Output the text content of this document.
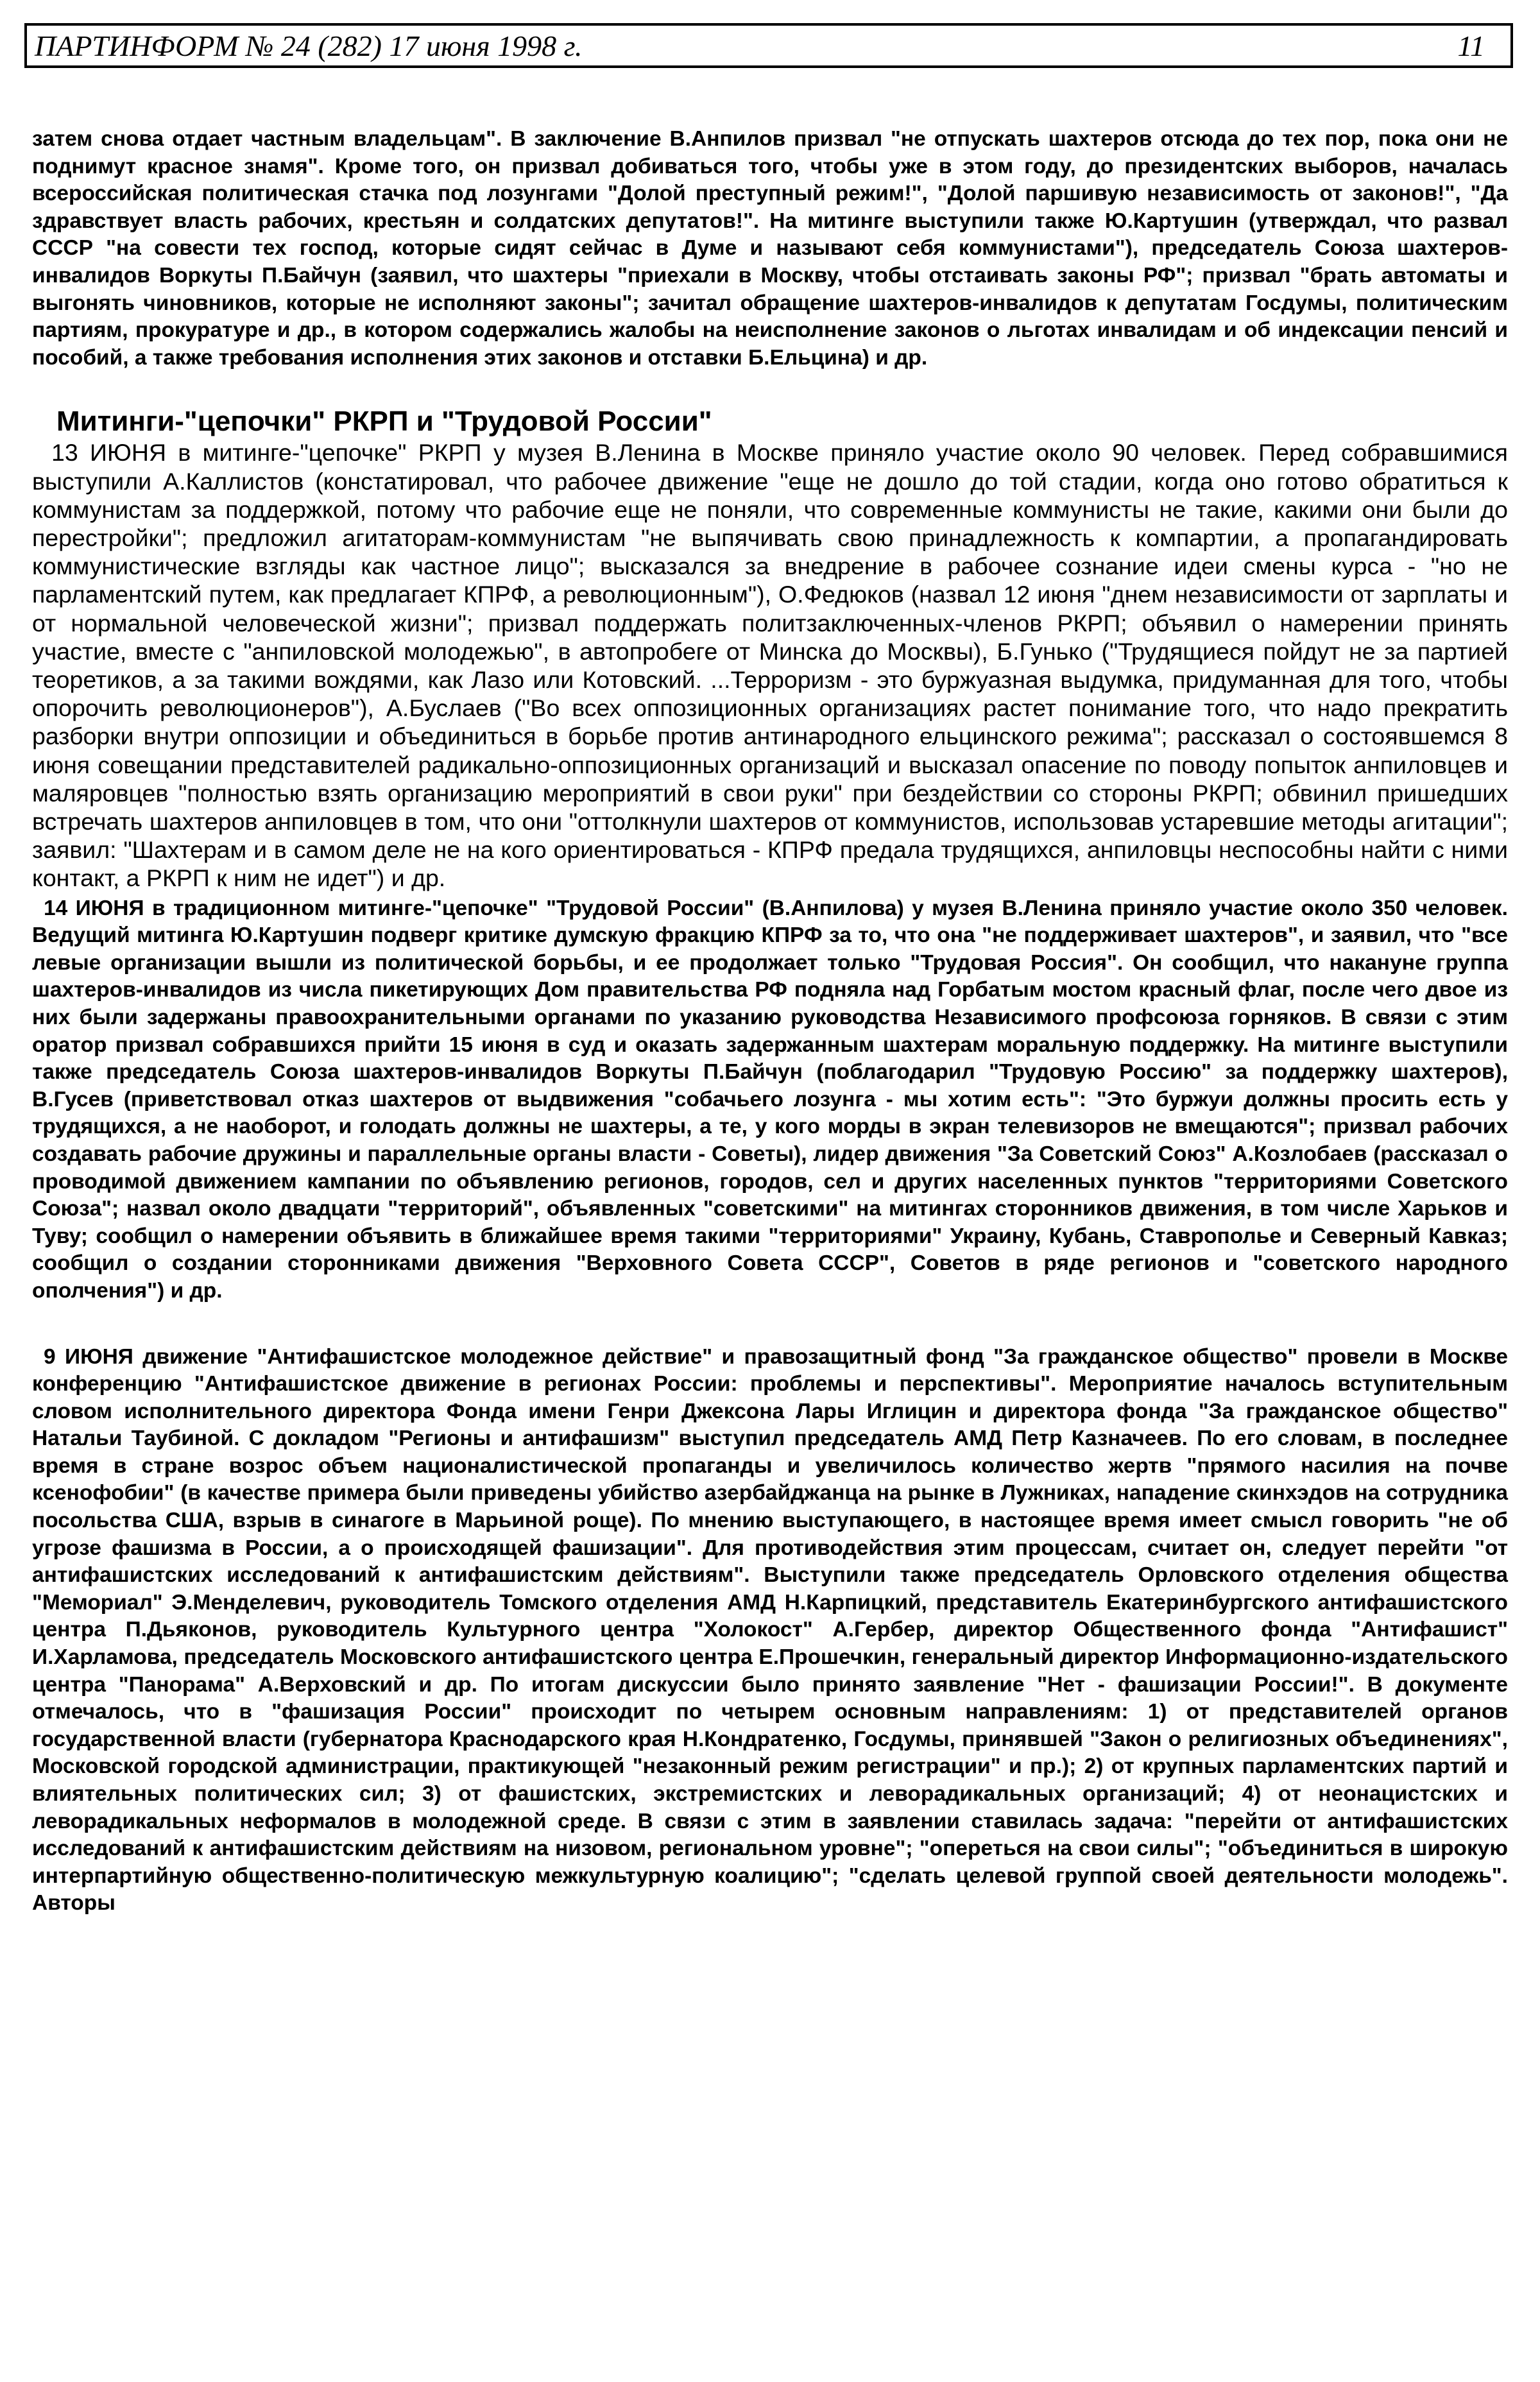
ПАРТИНФОРМ № 24 (282) 17 июня 1998 г.	11

затем снова отдает частным владельцам". В заключение В.Анпилов призвал "не отпускать шахтеров отсюда до тех пор, пока они не поднимут красное знамя". Кроме того, он призвал добиваться того, чтобы уже в этом году, до президентских выборов, началась всероссийская политическая стачка под лозунгами "Долой преступный режим!", "Долой паршивую независимость от законов!", "Да здравствует власть рабочих, крестьян и солдатских депутатов!". На митинге выступили также Ю.Картушин (утверждал, что развал СССР "на совести тех господ, которые сидят сейчас в Думе и называют себя коммунистами"), председатель Союза шахтеров-инвалидов Воркуты П.Байчун (заявил, что шахтеры "приехали в Москву, чтобы отстаивать законы РФ"; призвал "брать автоматы и выгонять чиновников, которые не исполняют законы"; зачитал обращение шахтеров-инвалидов к депутатам Госдумы, политическим партиям, прокуратуре и др., в котором содержались жалобы на неисполнение законов о льготах инвалидам и об индексации пенсий и пособий, а также требования исполнения этих законов и отставки Б.Ельцина) и др.

Митинги-"цепочки" РКРП и "Трудовой России"

13 ИЮНЯ в митинге-"цепочке" РКРП у музея В.Ленина в Москве приняло участие около 90 человек. Перед собравшимися выступили А.Каллистов (констатировал, что рабочее движение "еще не дошло до той стадии, когда оно готово обратиться к коммунистам за поддержкой, потому что рабочие еще не поняли, что современные коммунисты не такие, какими они были до перестройки"; предложил агитаторам-коммунистам "не выпячивать свою принадлежность к компартии, а пропагандировать коммунистические взгляды как частное лицо"; высказался за внедрение в рабочее сознание идеи смены курса - "но не парламентский путем, как предлагает КПРФ, а революционным"), О.Федюков (назвал 12 июня "днем независимости от зарплаты и от нормальной человеческой жизни"; призвал поддержать политзаключенных-членов РКРП; объявил о намерении принять участие, вместе с "анпиловской молодежью", в автопробеге от Минска до Москвы), Б.Гунько ("Трудящиеся пойдут не за партией теоретиков, а за такими вождями, как Лазо или Котовский. ...Терроризм - это буржуазная выдумка, придуманная для того, чтобы опорочить революционеров"), А.Буслаев ("Во всех оппозиционных организациях растет понимание того, что надо прекратить разборки внутри оппозиции и объединиться в борьбе против антинародного ельцинского режима"; рассказал о состоявшемся 8 июня совещании представителей радикально-оппозиционных организаций и высказал опасение по поводу попыток анпиловцев и маляровцев "полностью взять организацию мероприятий в свои руки" при бездействии со стороны РКРП; обвинил пришедших встречать шахтеров анпиловцев в том, что они "оттолкнули шахтеров от коммунистов, использовав устаревшие методы агитации"; заявил: "Шахтерам и в самом деле не на кого ориентироваться - КПРФ предала трудящихся, анпиловцы неспособны найти с ними контакт, а РКРП к ним не идет") и др.

14 ИЮНЯ в традиционном митинге-"цепочке" "Трудовой России" (В.Анпилова) у музея В.Ленина приняло участие около 350 человек. Ведущий митинга Ю.Картушин подверг критике думскую фракцию КПРФ за то, что она "не поддерживает шахтеров", и заявил, что "все левые организации вышли из политической борьбы, и ее продолжает только "Трудовая Россия". Он сообщил, что накануне группа шахтеров-инвалидов из числа пикетирующих Дом правительства РФ подняла над Горбатым мостом красный флаг, после чего двое из них были задержаны правоохранительными органами по указанию руководства Независимого профсоюза горняков. В связи с этим оратор призвал собравшихся прийти 15 июня в суд и оказать задержанным шахтерам моральную поддержку. На митинге выступили также председатель Союза шахтеров-инвалидов Воркуты П.Байчун (поблагодарил "Трудовую Россию" за поддержку шахтеров), В.Гусев (приветствовал отказ шахтеров от выдвижения "собачьего лозунга - мы хотим есть": "Это буржуи должны просить есть у трудящихся, а не наоборот, и голодать должны не шахтеры, а те, у кого морды в экран телевизоров не вмещаются"; призвал рабочих создавать рабочие дружины и параллельные органы власти - Советы), лидер движения "За Советский Союз" А.Козлобаев (рассказал о проводимой движением кампании по объявлению регионов, городов, сел и других населенных пунктов "территориями Советского Союза"; назвал около двадцати "территорий", объявленных "советскими" на митингах сторонников движения, в том числе Харьков и Туву; сообщил о намерении объявить в ближайшее время такими "территориями" Украину, Кубань, Ставрополье и Северный Кавказ; сообщил о создании сторонниками движения "Верховного Совета СССР", Советов в ряде регионов и "советского народного ополчения") и др.

9 ИЮНЯ движение "Антифашистское молодежное действие" и правозащитный фонд "За гражданское общество" провели в Москве конференцию "Антифашистское движение в регионах России: проблемы и перспективы". Мероприятие началось вступительным словом исполнительного директора Фонда имени Генри Джексона Лары Иглицин и директора фонда "За гражданское общество" Натальи Таубиной. С докладом "Регионы и антифашизм" выступил председатель АМД Петр Казначеев. По его словам, в последнее время в стране возрос объем националистической пропаганды и увеличилось количество жертв "прямого насилия на почве ксенофобии" (в качестве примера были приведены убийство азербайджанца на рынке в Лужниках, нападение скинхэдов на сотрудника посольства США, взрыв в синагоге в Марьиной роще). По мнению выступающего, в настоящее время имеет смысл говорить "не об угрозе фашизма в России, а о происходящей фашизации". Для противодействия этим процессам, считает он, следует перейти "от антифашистских исследований к антифашистским действиям". Выступили также председатель Орловского отделения общества "Мемориал" Э.Менделевич, руководитель Томского отделения АМД Н.Карпицкий, представитель Екатеринбургского антифашистского центра П.Дьяконов, руководитель Культурного центра "Холокост" А.Гербер, директор Общественного фонда "Антифашист" И.Харламова, председатель Московского антифашистского центра Е.Прошечкин, генеральный директор Информационно-издательского центра "Панорама" А.Верховский и др. По итогам дискуссии было принято заявление "Нет - фашизации России!". В документе отмечалось, что в "фашизация России" происходит по четырем основным направлениям: 1) от представителей органов государственной власти (губернатора Краснодарского края Н.Кондратенко, Госдумы, принявшей "Закон о религиозных объединениях", Московской городской администрации, практикующей "незаконный режим регистрации" и пр.); 2) от крупных парламентских партий и влиятельных политических сил; 3) от фашистских, экстремистских и леворадикальных организаций; 4) от неонацистских и леворадикальных неформалов в молодежной среде. В связи с этим в заявлении ставилась задача: "перейти от антифашистских исследований к антифашистским действиям на низовом, региональном уровне"; "опереться на свои силы"; "объединиться в широкую интерпартийную общественно-политическую межкультурную коалицию"; "сделать целевой группой своей деятельности молодежь". Авторы
